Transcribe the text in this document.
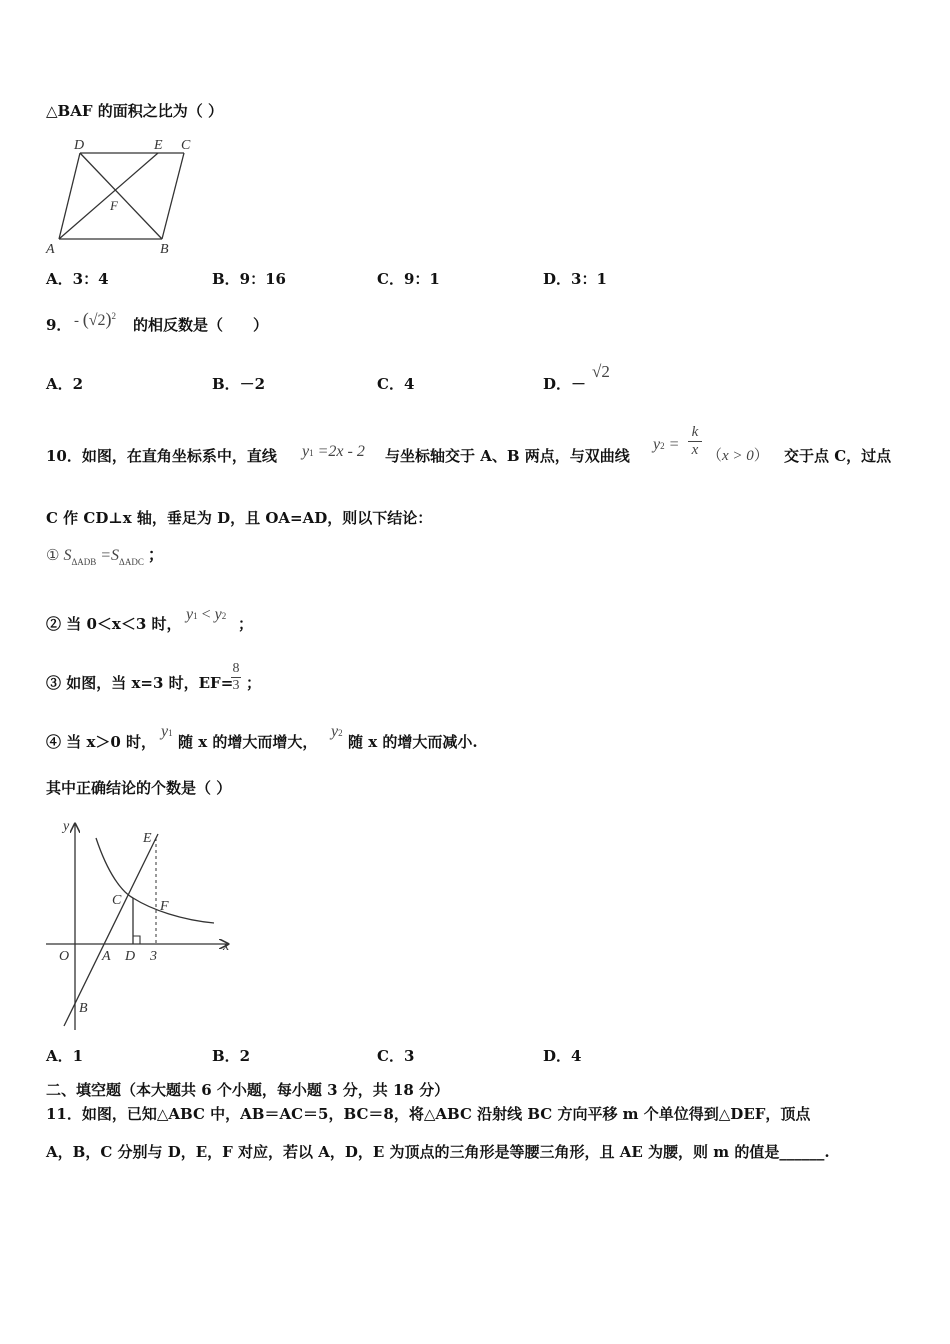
△BAF 的面积之比为（ ）
D	E C
F
A	B
A．3：4	B．9：16	C．9：1	D．3：1
9． - $(√2)^2$ 的相反数是（　　）
A．2	B．－2	C．4	D．－
√2
10．如图，在直角坐标系中，直线 y1 =2x - 2 与坐标轴交于 A、B 两点，与双曲线
y2 =
k
x （x > 0） 交于点 C，过点
C 作 CD⊥x 轴，垂足为 D，且 OA=AD，则以下结论：
① $S_{\Delta ADB} =S_{\Delta ADC}$ ；
② 当 0＜x＜3 时，
y1 < y2 ；
③ 如图，当 x=3 时，EF=
8
3 ；
④ 当 x＞0 时，
y1 随 x 的增大而增大，
y2 随 x 的增大而减小.
其中正确结论的个数是（ ）
y
x
O A D 3
B
C
E
F
A．1	B．2	C．3	D．4
二、填空题（本大题共 6 个小题，每小题 3 分，共 18 分）
11．如图，已知△ABC 中，AB＝AC＝5，BC＝8，将△ABC 沿射线 BC 方向平移 m 个单位得到△DEF，顶点
A，B，C 分别与 D，E，F 对应，若以 A，D，E 为顶点的三角形是等腰三角形，且 AE 为腰，则 m 的值是______.
